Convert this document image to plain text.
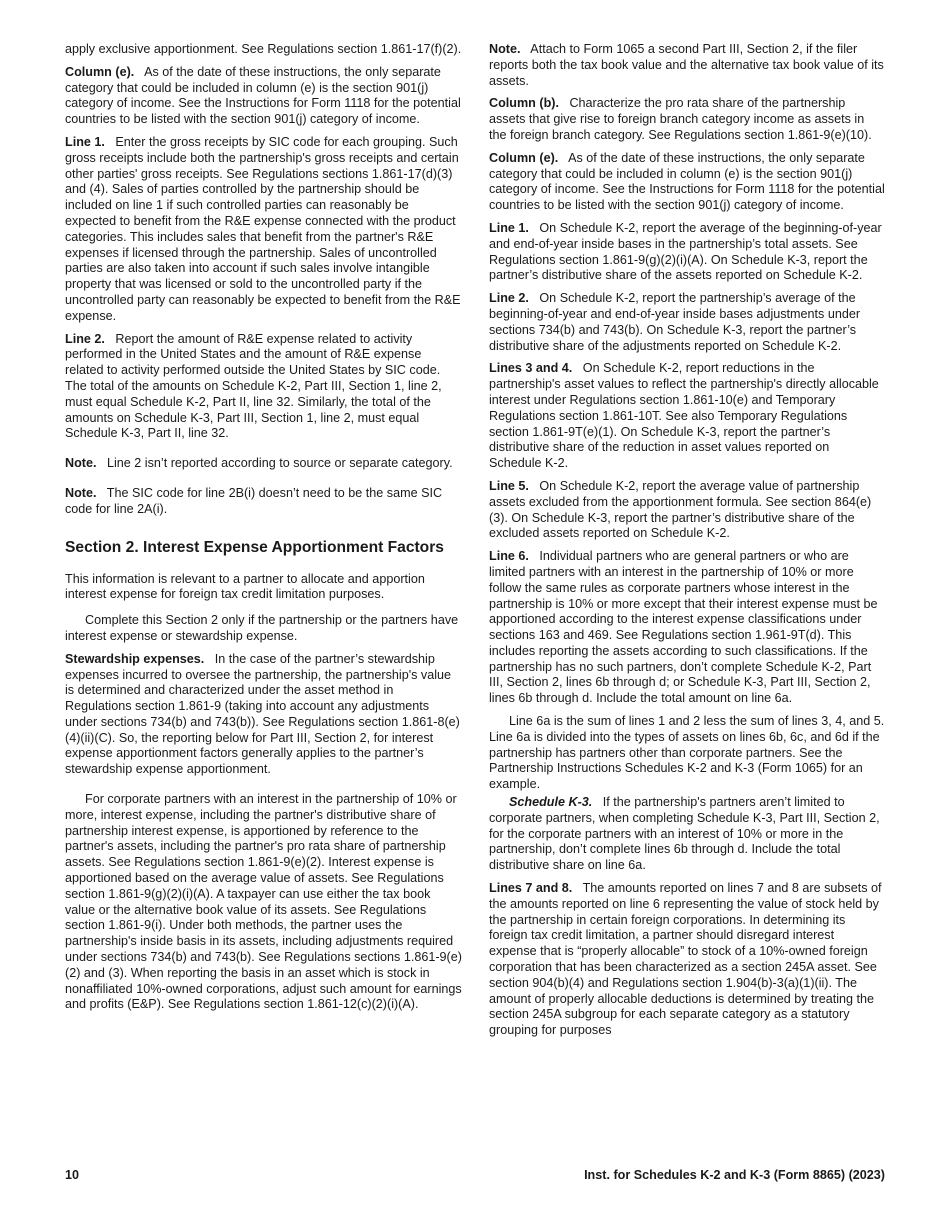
apply exclusive apportionment. See Regulations section 1.861-17(f)(2).

Column (e). As of the date of these instructions, the only separate category that could be included in column (e) is the section 901(j) category of income. See the Instructions for Form 1118 for the potential countries to be listed with the section 901(j) category of income.

Line 1. Enter the gross receipts by SIC code for each grouping. Such gross receipts include both the partnership's gross receipts and certain other parties' gross receipts. See Regulations sections 1.861-17(d)(3) and (4). Sales of parties controlled by the partnership should be included on line 1 if such controlled parties can reasonably be expected to benefit from the R&E expense connected with the product categories. This includes sales that benefit from the partner's R&E expenses if licensed through the partnership. Sales of uncontrolled parties are also taken into account if such sales involve intangible property that was licensed or sold to the uncontrolled party if the uncontrolled party can reasonably be expected to benefit from the R&E expense.

Line 2. Report the amount of R&E expense related to activity performed in the United States and the amount of R&E expense related to activity performed outside the United States by SIC code. The total of the amounts on Schedule K-2, Part III, Section 1, line 2, must equal Schedule K-2, Part II, line 32. Similarly, the total of the amounts on Schedule K-3, Part III, Section 1, line 2, must equal Schedule K-3, Part II, line 32.

Note. Line 2 isn’t reported according to source or separate category.

Note. The SIC code for line 2B(i) doesn’t need to be the same SIC code for line 2A(i).

Section 2. Interest Expense Apportionment Factors

This information is relevant to a partner to allocate and apportion interest expense for foreign tax credit limitation purposes.

Complete this Section 2 only if the partnership or the partners have interest expense or stewardship expense.

Stewardship expenses. In the case of the partner’s stewardship expenses incurred to oversee the partnership, the partnership's value is determined and characterized under the asset method in Regulations section 1.861-9 (taking into account any adjustments under sections 734(b) and 743(b)). See Regulations section 1.861-8(e)(4)(ii)(C). So, the reporting below for Part III, Section 2, for interest expense apportionment factors generally applies to the partner’s stewardship expense apportionment.

For corporate partners with an interest in the partnership of 10% or more, interest expense, including the partner's distributive share of partnership interest expense, is apportioned by reference to the partner's assets, including the partner's pro rata share of partnership assets. See Regulations section 1.861-9(e)(2). Interest expense is apportioned based on the average value of assets. See Regulations section 1.861-9(g)(2)(i)(A). A taxpayer can use either the tax book value or the alternative book value of its assets. See Regulations section 1.861-9(i). Under both methods, the partner uses the partnership's inside basis in its assets, including adjustments required under sections 734(b) and 743(b). See Regulations sections 1.861-9(e)(2) and (3). When reporting the basis in an asset which is stock in nonaffiliated 10%-owned corporations, adjust such amount for earnings and profits (E&P). See Regulations section 1.861-12(c)(2)(i)(A).

Note. Attach to Form 1065 a second Part III, Section 2, if the filer reports both the tax book value and the alternative tax book value of its assets.

Column (b). Characterize the pro rata share of the partnership assets that give rise to foreign branch category income as assets in the foreign branch category. See Regulations section 1.861-9(e)(10).

Column (e). As of the date of these instructions, the only separate category that could be included in column (e) is the section 901(j) category of income. See the Instructions for Form 1118 for the potential countries to be listed with the section 901(j) category of income.

Line 1. On Schedule K-2, report the average of the beginning-of-year and end-of-year inside bases in the partnership’s total assets. See Regulations section 1.861-9(g)(2)(i)(A). On Schedule K-3, report the partner’s distributive share of the assets reported on Schedule K-2.

Line 2. On Schedule K-2, report the partnership’s average of the beginning-of-year and end-of-year inside bases adjustments under sections 734(b) and 743(b). On Schedule K-3, report the partner’s distributive share of the adjustments reported on Schedule K-2.

Lines 3 and 4. On Schedule K-2, report reductions in the partnership's asset values to reflect the partnership's directly allocable interest under Regulations section 1.861-10(e) and Temporary Regulations section 1.861-10T. See also Temporary Regulations section 1.861-9T(e)(1). On Schedule K-3, report the partner’s distributive share of the reduction in asset values reported on Schedule K-2.

Line 5. On Schedule K-2, report the average value of partnership assets excluded from the apportionment formula. See section 864(e)(3). On Schedule K-3, report the partner’s distributive share of the excluded assets reported on Schedule K-2.

Line 6. Individual partners who are general partners or who are limited partners with an interest in the partnership of 10% or more follow the same rules as corporate partners whose interest in the partnership is 10% or more except that their interest expense must be apportioned according to the interest expense classifications under sections 163 and 469. See Regulations section 1.961-9T(d). This includes reporting the assets according to such classifications. If the partnership has no such partners, don’t complete Schedule K-2, Part III, Section 2, lines 6b through d; or Schedule K-3, Part III, Section 2, lines 6b through d. Include the total amount on line 6a.

Line 6a is the sum of lines 1 and 2 less the sum of lines 3, 4, and 5. Line 6a is divided into the types of assets on lines 6b, 6c, and 6d if the partnership has partners other than corporate partners. See the Partnership Instructions Schedules K-2 and K-3 (Form 1065) for an example.

Schedule K-3. If the partnership's partners aren’t limited to corporate partners, when completing Schedule K-3, Part III, Section 2, for the corporate partners with an interest of 10% or more in the partnership, don’t complete lines 6b through d. Include the total distributive share on line 6a.

Lines 7 and 8. The amounts reported on lines 7 and 8 are subsets of the amounts reported on line 6 representing the value of stock held by the partnership in certain foreign corporations. In determining its foreign tax credit limitation, a partner should disregard interest expense that is “properly allocable” to stock of a 10%-owned foreign corporation that has been characterized as a section 245A asset. See section 904(b)(4) and Regulations section 1.904(b)-3(a)(1)(ii). The amount of properly allocable deductions is determined by treating the section 245A subgroup for each separate category as a statutory grouping for purposes

10	Inst. for Schedules K-2 and K-3 (Form 8865) (2023)
